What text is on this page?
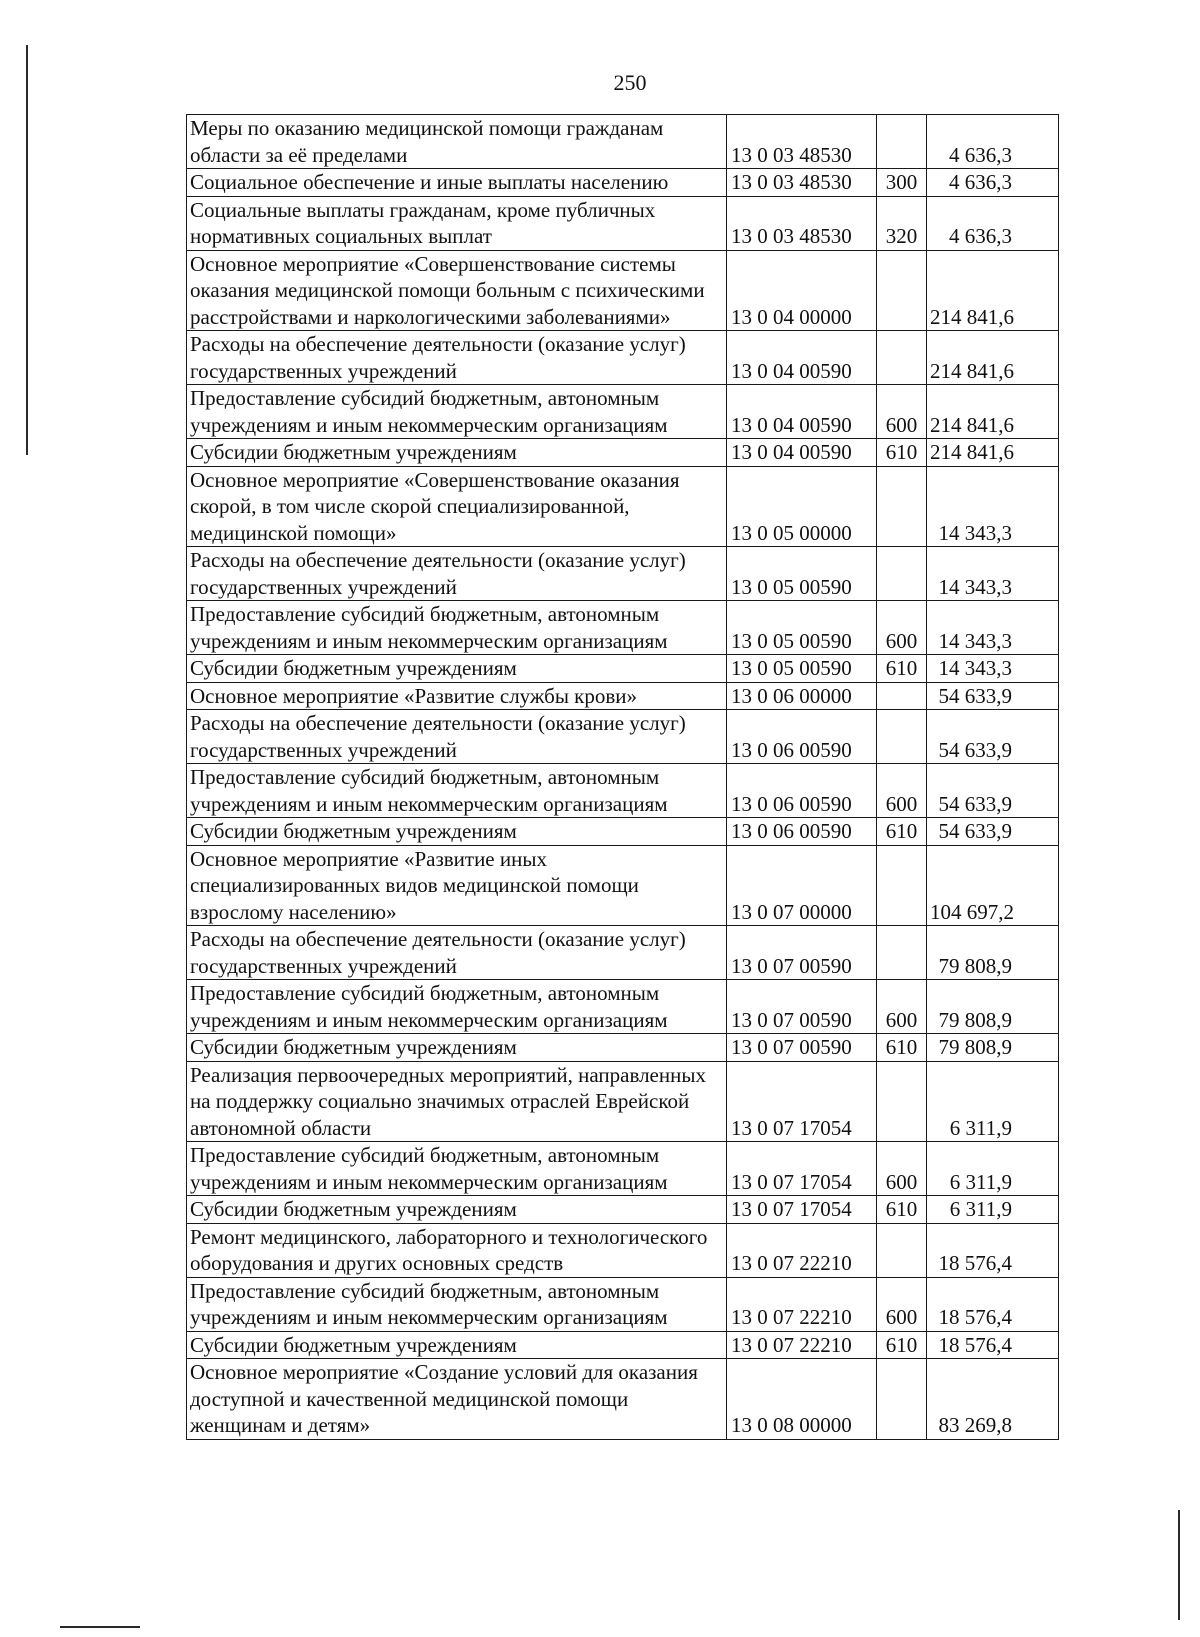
250
Меры по оказанию медицинской помощи гражданам области за её пределами	13 0 03 48530		4 636,3
Социальное обеспечение и иные выплаты населению	13 0 03 48530	300	4 636,3
Социальные выплаты гражданам, кроме публичных нормативных социальных выплат	13 0 03 48530	320	4 636,3
Основное мероприятие «Совершенствование системы оказания медицинской помощи больным с психическими расстройствами и наркологическими заболеваниями»	13 0 04 00000		214 841,6
Расходы на обеспечение деятельности (оказание услуг) государственных учреждений	13 0 04 00590		214 841,6
Предоставление субсидий бюджетным, автономным учреждениям и иным некоммерческим организациям	13 0 04 00590	600	214 841,6
Субсидии бюджетным учреждениям	13 0 04 00590	610	214 841,6
Основное мероприятие «Совершенствование оказания скорой, в том числе скорой специализированной, медицинской помощи»	13 0 05 00000		14 343,3
Расходы на обеспечение деятельности (оказание услуг) государственных учреждений	13 0 05 00590		14 343,3
Предоставление субсидий бюджетным, автономным учреждениям и иным некоммерческим организациям	13 0 05 00590	600	14 343,3
Субсидии бюджетным учреждениям	13 0 05 00590	610	14 343,3
Основное мероприятие «Развитие службы крови»	13 0 06 00000		54 633,9
Расходы на обеспечение деятельности (оказание услуг) государственных учреждений	13 0 06 00590		54 633,9
Предоставление субсидий бюджетным, автономным учреждениям и иным некоммерческим организациям	13 0 06 00590	600	54 633,9
Субсидии бюджетным учреждениям	13 0 06 00590	610	54 633,9
Основное мероприятие «Развитие иных специализированных видов медицинской помощи взрослому населению»	13 0 07 00000		104 697,2
Расходы на обеспечение деятельности (оказание услуг) государственных учреждений	13 0 07 00590		79 808,9
Предоставление субсидий бюджетным, автономным учреждениям и иным некоммерческим организациям	13 0 07 00590	600	79 808,9
Субсидии бюджетным учреждениям	13 0 07 00590	610	79 808,9
Реализация первоочередных мероприятий, направленных на поддержку социально значимых отраслей Еврейской автономной области	13 0 07 17054		6 311,9
Предоставление субсидий бюджетным, автономным учреждениям и иным некоммерческим организациям	13 0 07 17054	600	6 311,9
Субсидии бюджетным учреждениям	13 0 07 17054	610	6 311,9
Ремонт медицинского, лабораторного и технологического оборудования и других основных средств	13 0 07 22210		18 576,4
Предоставление субсидий бюджетным, автономным учреждениям и иным некоммерческим организациям	13 0 07 22210	600	18 576,4
Субсидии бюджетным учреждениям	13 0 07 22210	610	18 576,4
Основное мероприятие «Создание условий для оказания доступной и качественной медицинской помощи женщинам и детям»	13 0 08 00000		83 269,8
